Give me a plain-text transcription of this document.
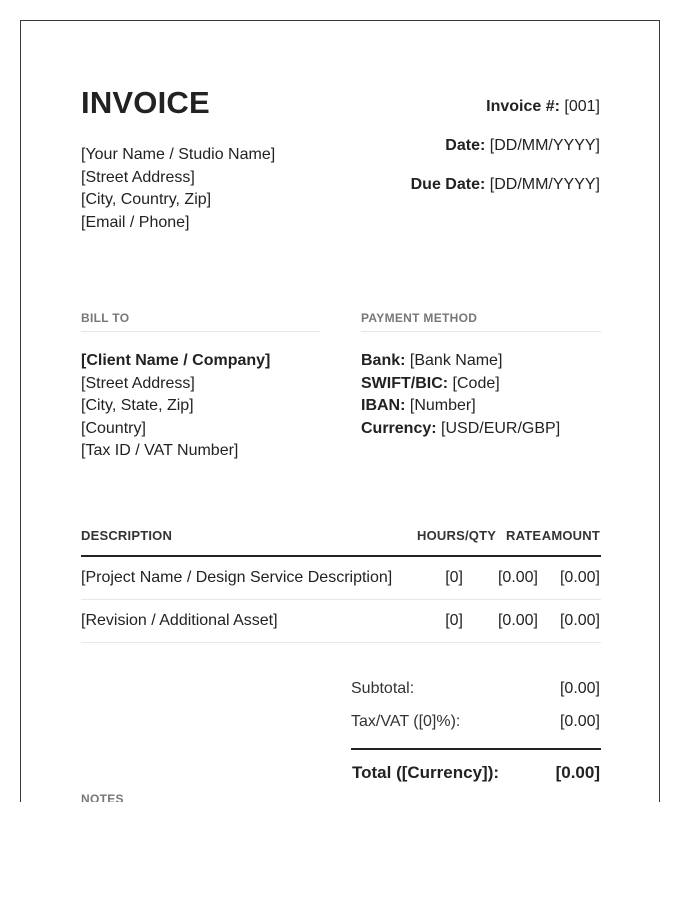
INVOICE
[Your Name / Studio Name]
[Street Address]
[City, Country, Zip]
[Email / Phone]
Invoice #: [001]
Date: [DD/MM/YYYY]
Due Date: [DD/MM/YYYY]
BILL TO
[Client Name / Company]
[Street Address]
[City, State, Zip]
[Country]
[Tax ID / VAT Number]
PAYMENT METHOD
Bank: [Bank Name]
SWIFT/BIC: [Code]
IBAN: [Number]
Currency: [USD/EUR/GBP]
DESCRIPTION	HOURS/QTY RATE AMOUNT
[Project Name / Design Service Description]	[0] [0.00] [0.00]
[Revision / Additional Asset]	[0] [0.00] [0.00]
Subtotal:	[0.00]
Tax/VAT ([0]%):	[0.00]
Total ([Currency]):	[0.00]
NOTES
